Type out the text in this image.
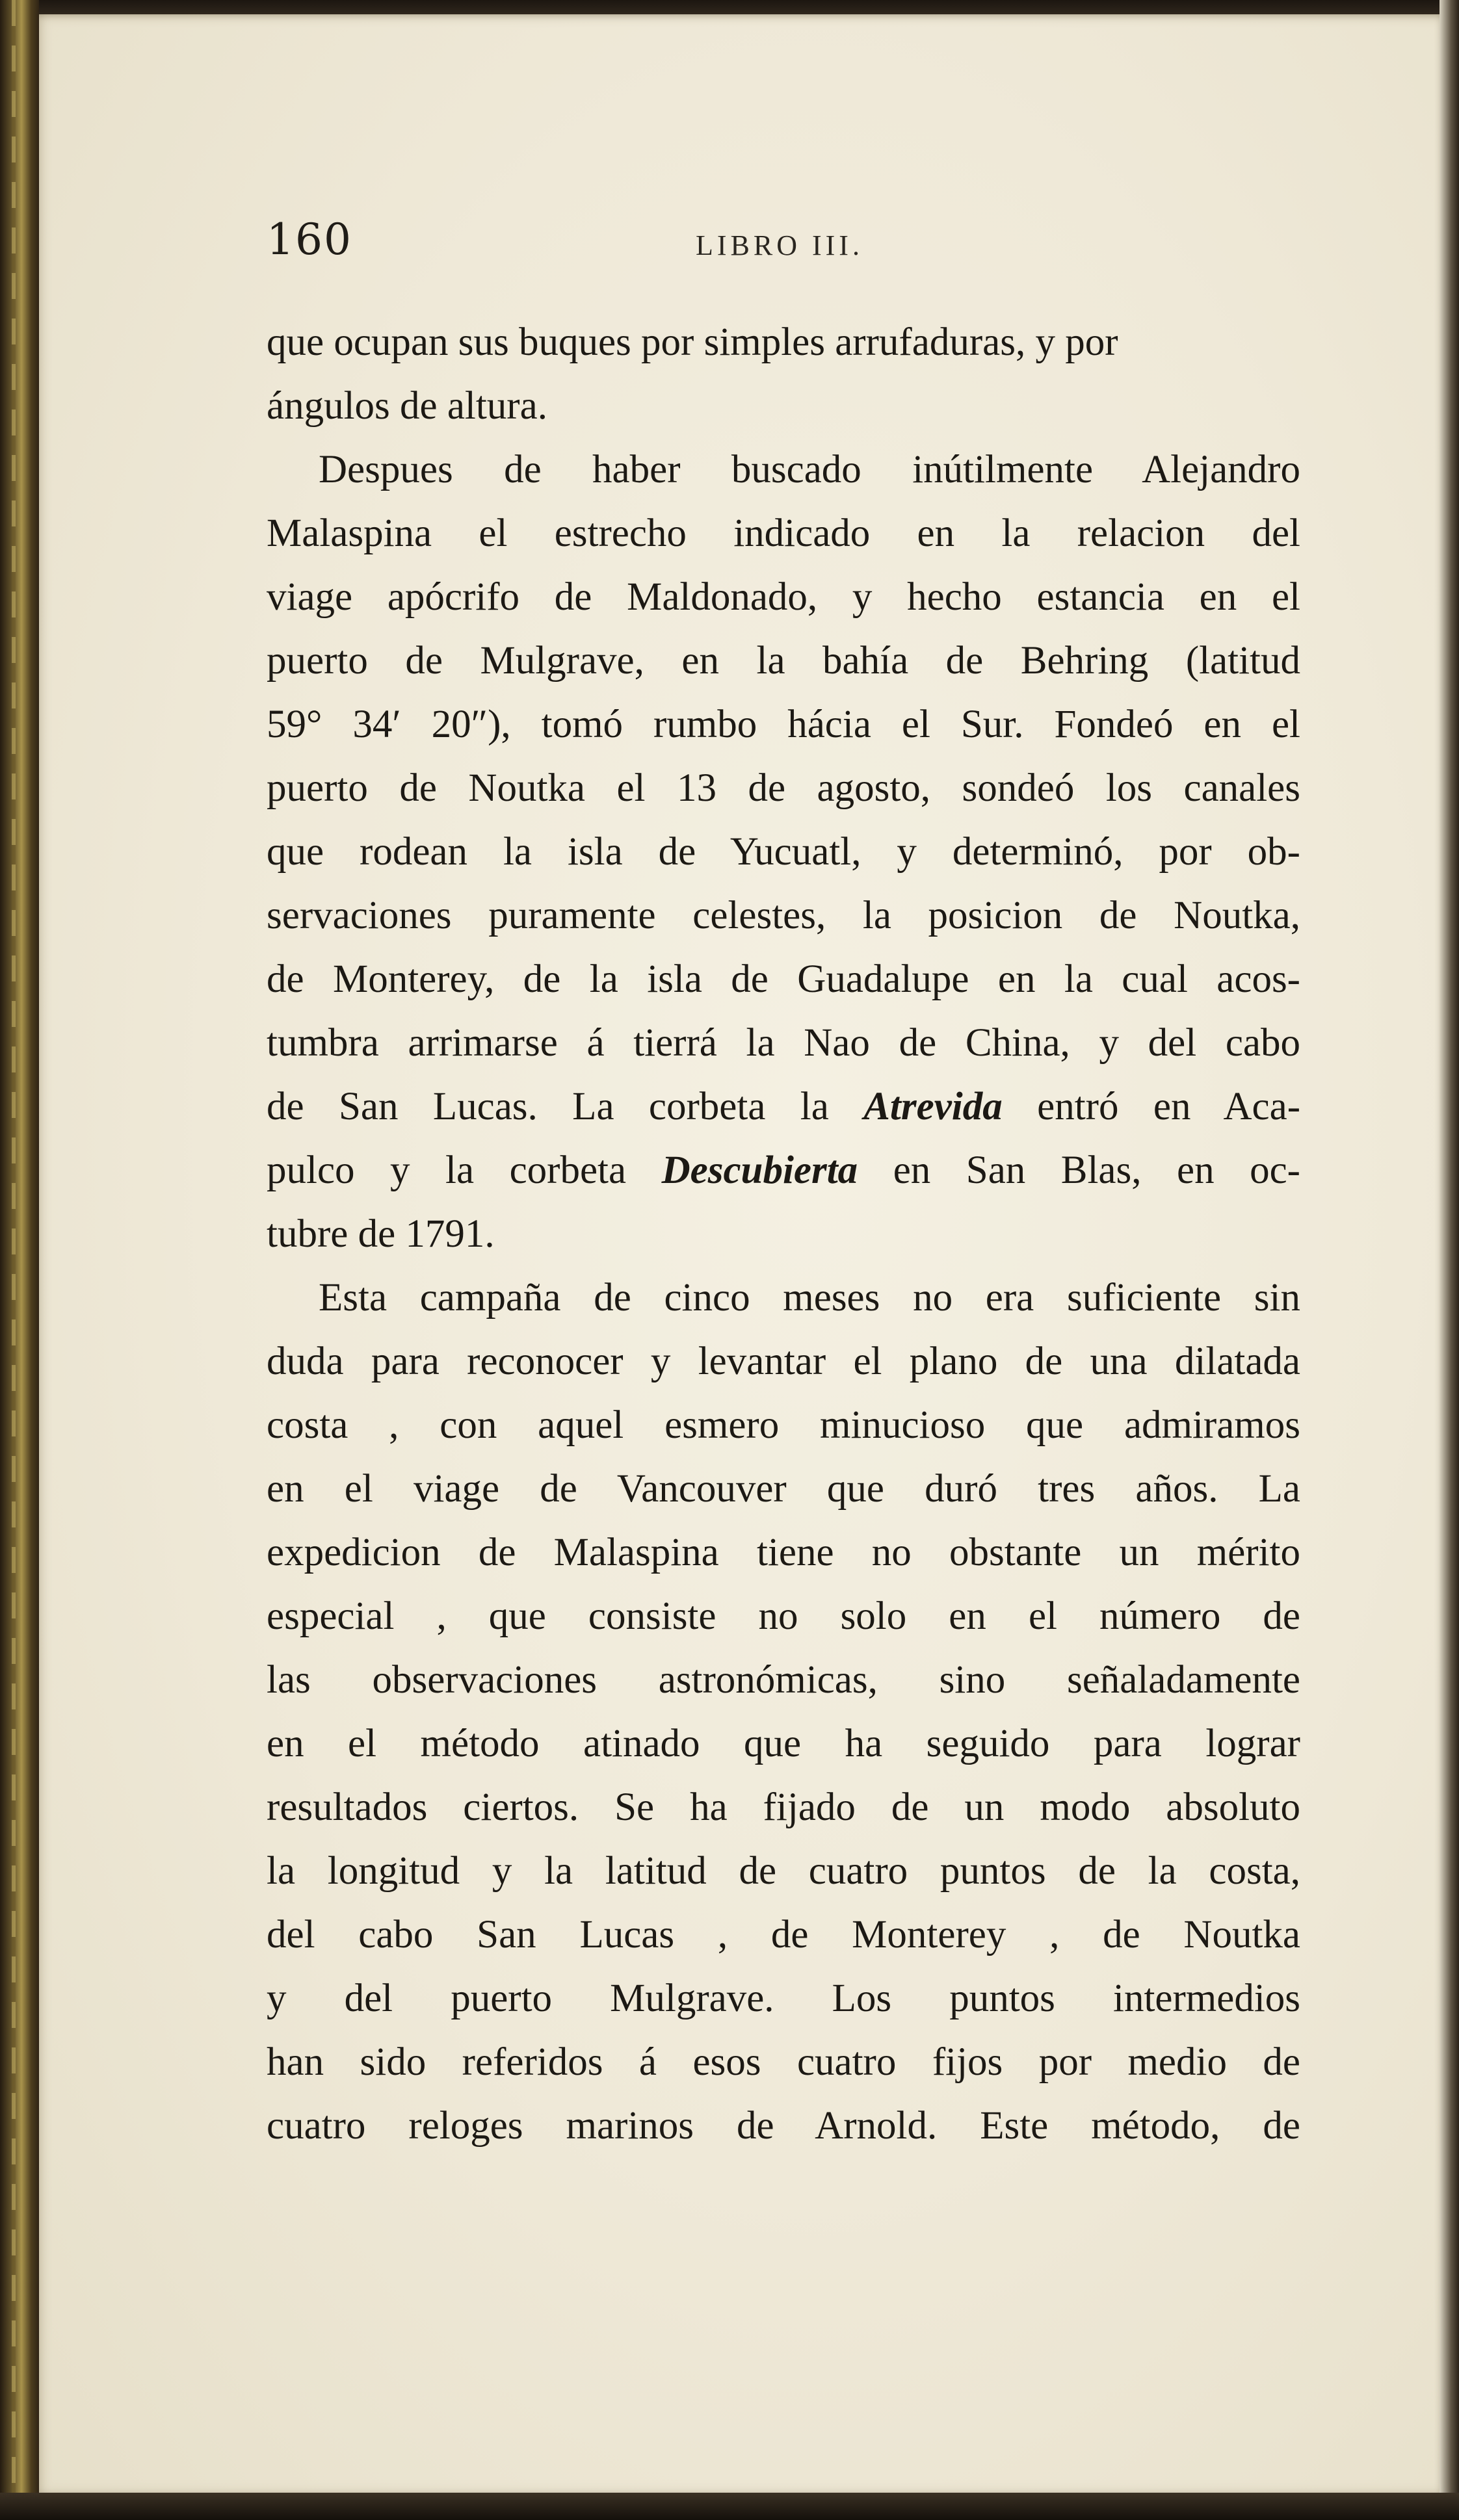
160	LIBRO III.
que ocupan sus buques por simples arrufaduras, y por
ángulos de altura.
Despues de haber buscado inútilmente Alejandro
Malaspina el estrecho indicado en la relacion del
viage apócrifo de Maldonado, y hecho estancia en el
puerto de Mulgrave, en la bahía de Behring (latitud
59° 34′ 20″), tomó rumbo hácia el Sur. Fondeó en el
puerto de Noutka el 13 de agosto, sondeó los canales
que rodean la isla de Yucuatl, y determinó, por ob-
servaciones puramente celestes, la posicion de Noutka,
de Monterey, de la isla de Guadalupe en la cual acos-
tumbra arrimarse á tierrá la Nao de China, y del cabo
de San Lucas. La corbeta la Atrevida entró en Aca-
pulco y la corbeta Descubierta en San Blas, en oc-
tubre de 1791.
Esta campaña de cinco meses no era suficiente sin
duda para reconocer y levantar el plano de una dilatada
costa , con aquel esmero minucioso que admiramos
en el viage de Vancouver que duró tres años. La
expedicion de Malaspina tiene no obstante un mérito
especial , que consiste no solo en el número de
las observaciones astronómicas, sino señaladamente
en el método atinado que ha seguido para lograr
resultados ciertos. Se ha fijado de un modo absoluto
la longitud y la latitud de cuatro puntos de la costa,
del cabo San Lucas , de Monterey , de Noutka
y del puerto Mulgrave. Los puntos intermedios
han sido referidos á esos cuatro fijos por medio de
cuatro reloges marinos de Arnold. Este método, de
